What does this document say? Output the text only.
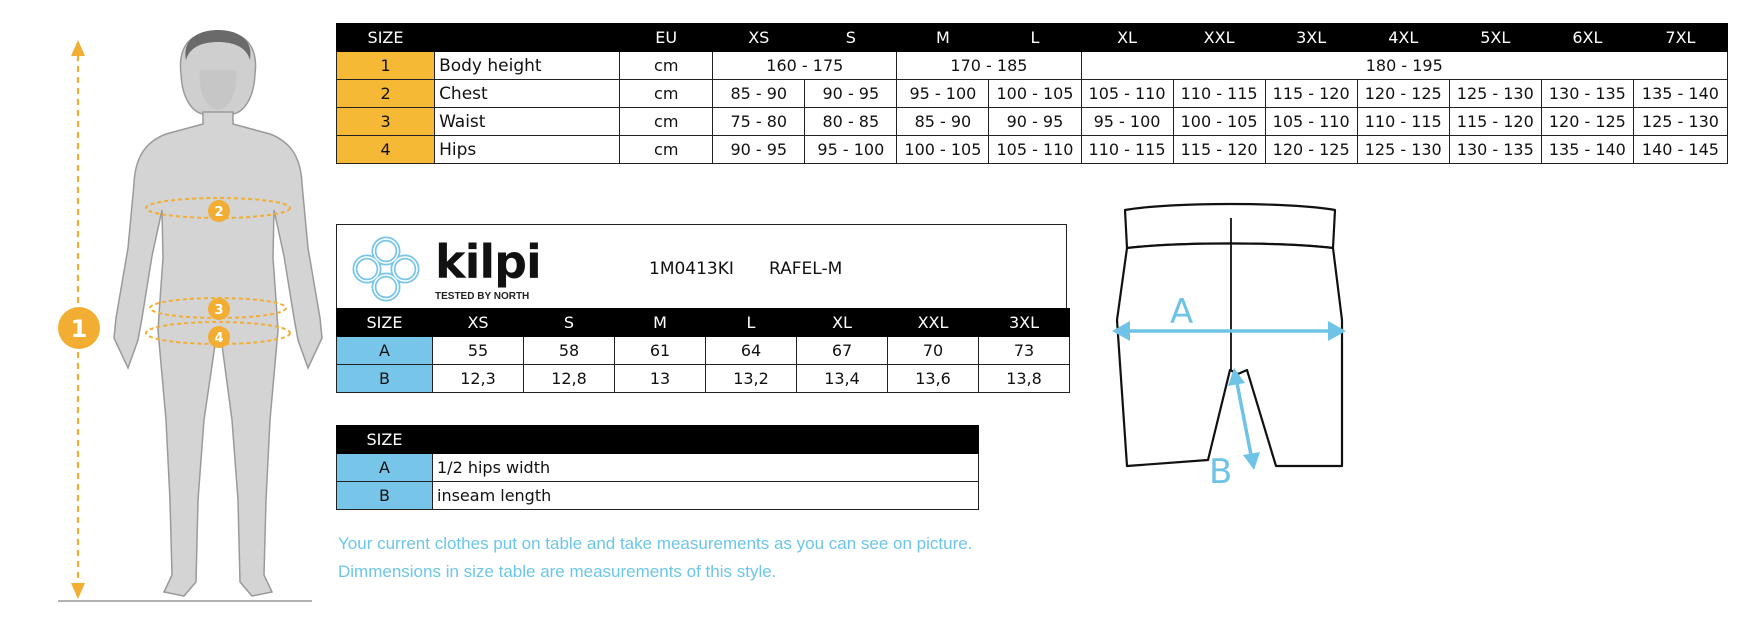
1
2
3
4
SIZE		EU	XS	S	M	L	XL	XXL	3XL	4XL	5XL	6XL	7XL
1	Body height	cm	160 - 175		170 - 185		180 - 195						
2	Chest	cm	85 - 90	90 - 95	95 - 100	100 - 105	105 - 110	110 - 115	115 - 120	120 - 125	125 - 130	130 - 135	135 - 140
3	Waist	cm	75 - 80	80 - 85	85 - 90	90 - 95	95 - 100	100 - 105	105 - 110	110 - 115	115 - 120	120 - 125	125 - 130
4	Hips	cm	90 - 95	95 - 100	100 - 105	105 - 110	110 - 115	115 - 120	120 - 125	125 - 130	130 - 135	135 - 140	140 - 145
kilpi
TESTED BY NORTH
1M0413KI RAFEL-M
SIZE	XS	S	M	L	XL	XXL	3XL
A	55	58	61	64	67	70	73
B	12,3	12,8	13	13,2	13,4	13,6	13,8
SIZE	
A	1/2 hips width
B	inseam length
A
B
Your current clothes put on table and take measurements as you can see on picture.
Dimmensions in size table are measurements of this style.
